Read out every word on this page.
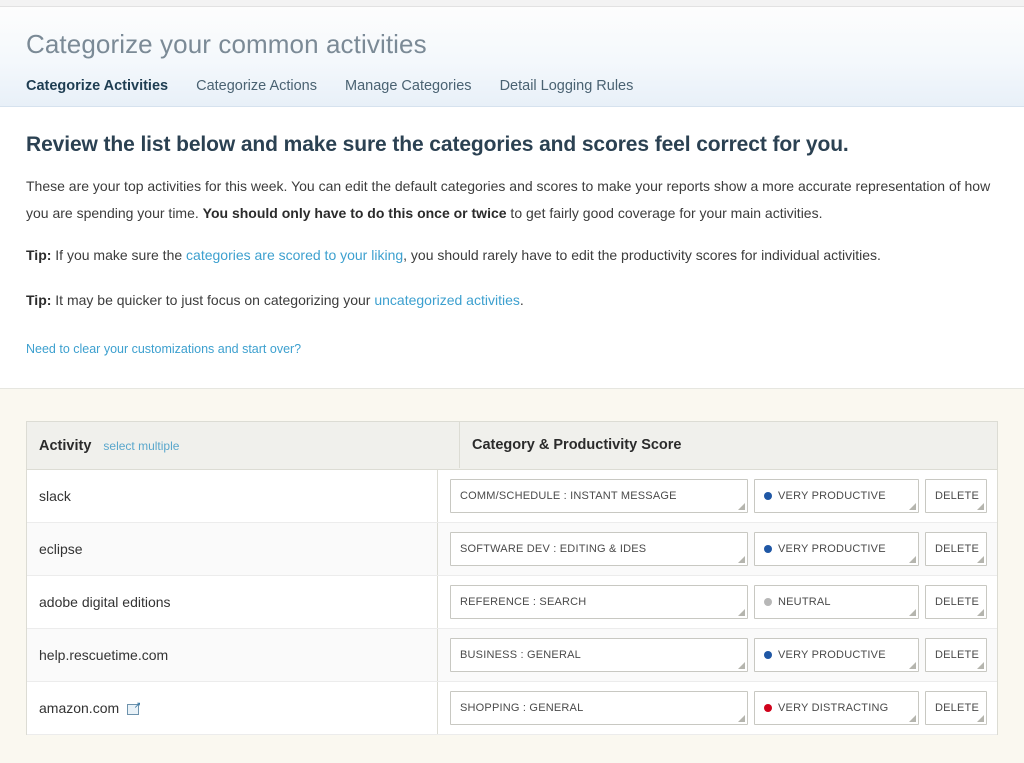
Categorize your common activities
Categorize Activities Categorize Actions Manage Categories Detail Logging Rules
Review the list below and make sure the categories and scores feel correct for you.

These are your top activities for this week. You can edit the default categories and scores to make your reports show a more accurate representation of how you are spending your time. You should only have to do this once or twice to get fairly good coverage for your main activities.

Tip: If you make sure the categories are scored to your liking, you should rarely have to edit the productivity scores for individual activities.

Tip: It may be quicker to just focus on categorizing your uncategorized activities.

Need to clear your customizations and start over?
Activity select multiple	Category & Productivity Score
slack	COMM/SCHEDULE : INSTANT MESSAGE	VERY PRODUCTIVE	DELETE
eclipse	SOFTWARE DEV : EDITING & IDES	VERY PRODUCTIVE	DELETE
adobe digital editions	REFERENCE : SEARCH	NEUTRAL	DELETE
help.rescuetime.com	BUSINESS : GENERAL	VERY PRODUCTIVE	DELETE
amazon.com ↗	SHOPPING : GENERAL	VERY DISTRACTING	DELETE
